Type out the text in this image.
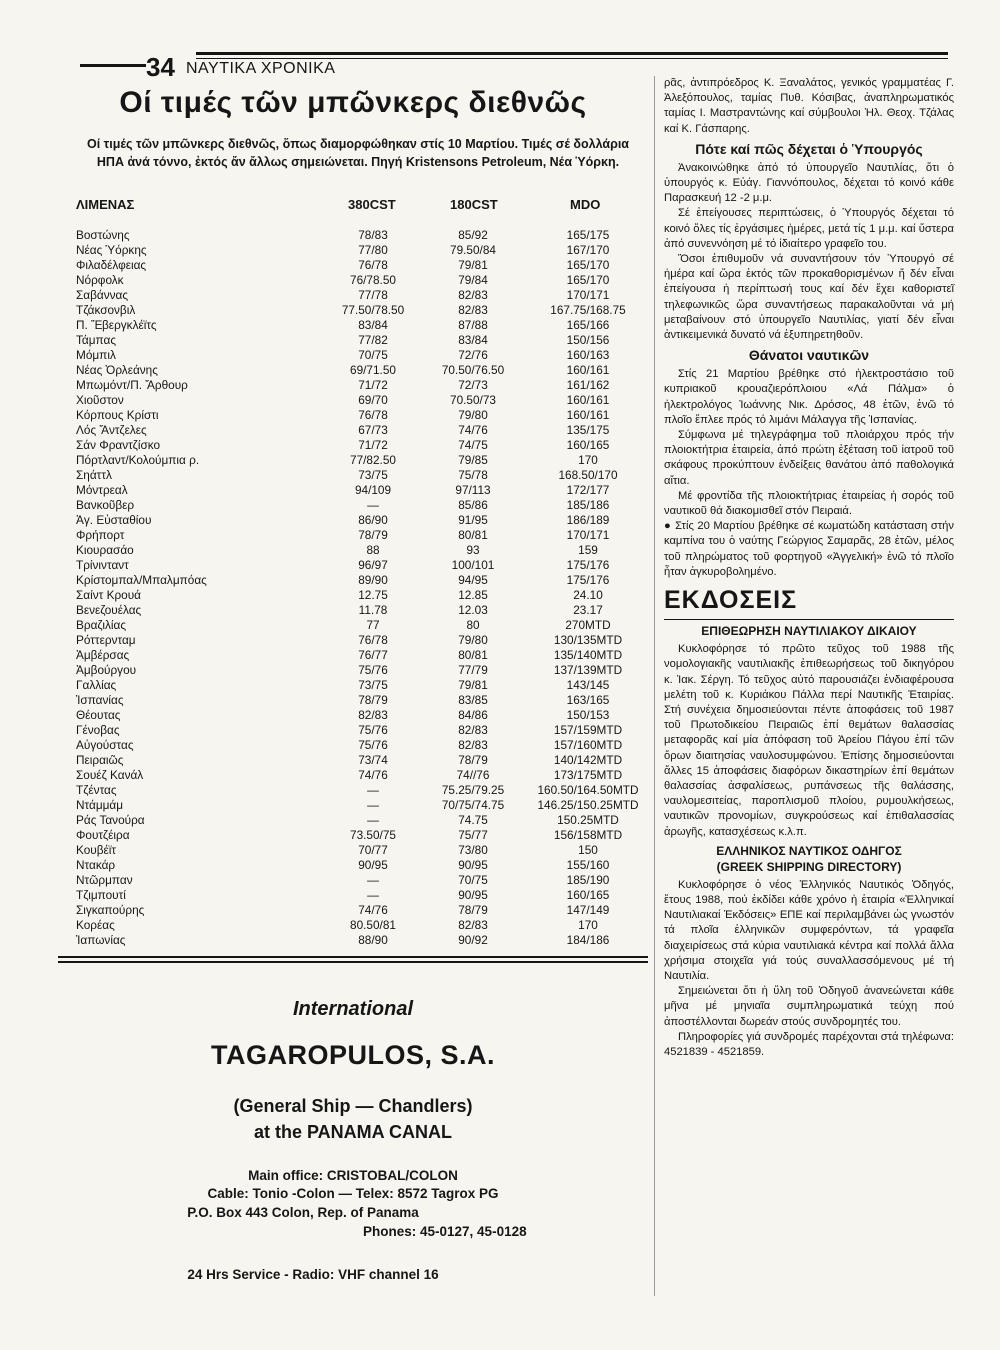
34 ΝΑΥΤΙΚΑ ΧΡΟΝΙΚΑ
Οί τιμές τῶν μπῶνκερς διεθνῶς
Οί τιμές τῶν μπῶνκερς διεθνῶς, ὅπως διαμορφώθηκαν στίς 10 Μαρτίου. Τιμές σέ δολλάρια
ΗΠΑ ἀνά τόννο, ἐκτός ἄν ἄλλως σημειώνεται. Πηγή Kristensons Petroleum, Νέα Ὑόρκη.
ΛΙΜΕΝΑΣ	380CST	180CST	MDO
Βοστώνης	78/83	85/92	165/175
Νέας Ὑόρκης	77/80	79.50/84	167/170
Φιλαδέλφειας	76/78	79/81	165/170
Νόρφολκ	76/78.50	79/84	165/170
Σαβάννας	77/78	82/83	170/171
Τζάκσονβιλ	77.50/78.50	82/83	167.75/168.75
Π. Ἔβεργκλέϊτς	83/84	87/88	165/166
Τάμπας	77/82	83/84	150/156
Μόμπιλ	70/75	72/76	160/163
Νέας Ὀρλεάνης	69/71.50	70.50/76.50	160/161
Μπωμόντ/Π. Ἄρθουρ	71/72	72/73	161/162
Χιοῦστον	69/70	70.50/73	160/161
Κόρπους Κρίστι	76/78	79/80	160/161
Λός Ἄντζελες	67/73	74/76	135/175
Σάν Φραντζίσκο	71/72	74/75	160/165
Πόρτλαντ/Κολούμπια ρ.	77/82.50	79/85	170
Σηάττλ	73/75	75/78	168.50/170
Μόντρεαλ	94/109	97/113	172/177
Βανκοῦβερ	—	85/86	185/186
Ἁγ. Εὐσταθίου	86/90	91/95	186/189
Φρήπορτ	78/79	80/81	170/171
Κιουρασάο	88	93	159
Τρίνινταντ	96/97	100/101	175/176
Κρίστομπαλ/Μπαλμπόας	89/90	94/95	175/176
Σαίντ Κρουά	12.75	12.85	24.10
Βενεζουέλας	11.78	12.03	23.17
Βραζιλίας	77	80	270MTD
Ρόττερνταμ	76/78	79/80	130/135MTD
Ἀμβέρσας	76/77	80/81	135/140MTD
Ἀμβούργου	75/76	77/79	137/139MTD
Γαλλίας	73/75	79/81	143/145
Ἱσπανίας	78/79	83/85	163/165
Θέουτας	82/83	84/86	150/153
Γένοβας	75/76	82/83	157/159MTD
Αὐγούστας	75/76	82/83	157/160MTD
Πειραιῶς	73/74	78/79	140/142MTD
Σουέζ Κανάλ	74/76	74//76	173/175MTD
Τζέντας	—	75.25/79.25	160.50/164.50MTD
Ντάμμάμ	—	70/75/74.75	146.25/150.25MTD
Ράς Τανούρα	—	74.75	150.25MTD
Φουτζέιρα	73.50/75	75/77	156/158MTD
Κουβέϊτ	70/77	73/80	150
Ντακάρ	90/95	90/95	155/160
Ντῶρμπαν	—	70/75	185/190
Τζιμπουτί	—	90/95	160/165
Σιγκαπούρης	74/76	78/79	147/149
Κορέας	80.50/81	82/83	170
Ἰαπωνίας	88/90	90/92	184/186
International
TAGAROPULOS, S.A.
(General Ship — Chandlers)
at the PANAMA CANAL
Main office: CRISTOBAL/COLON
Cable: Tonio -Colon — Telex: 8572 Tagrox PG
P.O. Box 443 Colon, Rep. of Panama
Phones: 45-0127, 45-0128
24 Hrs Service - Radio: VHF channel 16

ρᾶς, ἀντιπρόεδρος Κ. Ξαναλάτος, γενικός γραμματέας Γ. Ἀλεξόπουλος, ταμίας Πυθ. Κόσιβας, ἀναπληρωματικός ταμίας Ι. Μαστραντώνης καί σύμβουλοι Ἠλ. Θεοχ. Τζάλας καί Κ. Γάσπαρης.

Πότε καί πῶς δέχεται ὁ Ὑπουργός

Ἀνακοινώθηκε ἀπό τό ὑπουργεῖο Ναυτιλίας, ὅτι ὁ ὑπουργός κ. Εὐάγ. Γιαννόπουλος, δέχεται τό κοινό κάθε Παρασκευή 12 -2 μ.μ.

Σέ ἐπείγουσες περιπτώσεις, ὁ Ὑπουργός δέχεται τό κοινό ὅλες τίς ἐργάσιμες ἡμέρες, μετά τίς 1 μ.μ. καί ὕστερα ἀπό συνεννόηση μέ τό ἰδιαίτερο γραφεῖο του.

Ὅσοι ἐπιθυμοῦν νά συναντήσουν τόν Ὑπουργό σέ ἡμέρα καί ὥρα ἐκτός τῶν προκαθορισμένων ἤ δέν εἶναι ἐπείγουσα ἡ περίπτωσή τους καί δέν ἔχει καθοριστεῖ τηλεφωνικῶς ὥρα συναντήσεως παρακαλοῦνται νά μή μεταβαίνουν στό ὑπουργεῖο Ναυτιλίας, γιατί δέν εἶναι ἀντικειμενικά δυνατό νά ἐξυπηρετηθοῦν.

Θάνατοι ναυτικῶν

Στίς 21 Μαρτίου βρέθηκε στό ἠλεκτροστάσιο τοῦ κυπριακοῦ κρουαζιερόπλοιου «Λά Πάλμα» ὁ ἠλεκτρολόγος Ἰωάννης Νικ. Δρόσος, 48 ἐτῶν, ἐνῶ τό πλοῖο ἔπλεε πρός τό λιμάνι Μάλαγγα τῆς Ἱσπανίας.

Σύμφωνα μέ τηλεγράφημα τοῦ πλοιάρχου πρός τήν πλοιοκτήτρια ἑταιρεία, ἀπό πρώτη ἐξέταση τοῦ ἰατροῦ τοῦ σκάφους προκύπτουν ἐνδείξεις θανάτου ἀπό παθολογικά αἴτια.

Μέ φροντίδα τῆς πλοιοκτήτριας ἑταιρείας ἡ σορός τοῦ ναυτικοῦ θά διακομισθεῖ στόν Πειραιά.

● Στίς 20 Μαρτίου βρέθηκε σέ κωματώδη κατάσταση στήν καμπίνα του ὁ ναύτης Γεώργιος Σαμαρᾶς, 28 ἐτῶν, μέλος τοῦ πληρώματος τοῦ φορτηγοῦ «Ἀγγελική» ἐνῶ τό πλοῖο ἦταν ἀγκυροβολημένο.

ΕΚΔΟΣΕΙΣ
ΕΠΙΘΕΩΡΗΣΗ ΝΑΥΤΙΛΙΑΚΟΥ ΔΙΚΑΙΟΥ

Κυκλοφόρησε τό πρῶτο τεῦχος τοῦ 1988 τῆς νομολογιακῆς ναυτιλιακῆς ἐπιθεωρήσεως τοῦ δικηγόρου κ. Ἰακ. Σέργη. Τό τεῦχος αὐτό παρουσιάζει ἐνδιαφέρουσα μελέτη τοῦ κ. Κυριάκου Πάλλα περί Ναυτικῆς Ἑταιρίας. Στή συνέχεια δημοσιεύονται πέντε ἀποφάσεις τοῦ 1987 τοῦ Πρωτοδικείου Πειραιῶς ἐπί θεμάτων θαλασσίας μεταφορᾶς καί μία ἀπόφαση τοῦ Ἀρείου Πάγου ἐπί τῶν ὅρων διαιτησίας ναυλοσυμφώνου. Ἐπίσης δημοσιεύονται ἄλλες 15 ἀποφάσεις διαφόρων δικαστηρίων ἐπί θεμάτων θαλασσίας ἀσφαλίσεως, ρυπάνσεως τῆς θαλάσσης, ναυλομεσιτείας, παροπλισμοῦ πλοίου, ρυμουλκήσεως, ναυτικῶν προνομίων, συγκρούσεως καί ἐπιθαλασσίας ἀρωγῆς, κατασχέσεως κ.λ.π.

ΕΛΛΗΝΙΚΟΣ ΝΑΥΤΙΚΟΣ ΟΔΗΓΟΣ
(GREEK SHIPPING DIRECTORY)

Κυκλοφόρησε ὁ νέος Ἑλληνικός Ναυτικός Ὁδηγός, ἔτους 1988, πού ἐκδίδει κάθε χρόνο ἡ ἑταιρία «Ἑλληνικαί Ναυτιλιακαί Ἐκδόσεις» ΕΠΕ καί περιλαμβάνει ὡς γνωστόν τά πλοῖα ἑλληνικῶν συμφερόντων, τά γραφεῖα διαχειρίσεως στά κύρια ναυτιλιακά κέντρα καί πολλά ἄλλα χρήσιμα στοιχεῖα γιά τούς συναλλασσόμενους μέ τή Ναυτιλία.

Σημειώνεται ὅτι ἡ ὕλη τοῦ Ὁδηγοῦ ἀνανεώνεται κάθε μῆνα μέ μηνιαῖα συμπληρωματικά τεύχη πού ἀποστέλλονται δωρεάν στούς συνδρομητές του.

Πληροφορίες γιά συνδρομές παρέχονται στά τηλέφωνα: 4521839 - 4521859.
